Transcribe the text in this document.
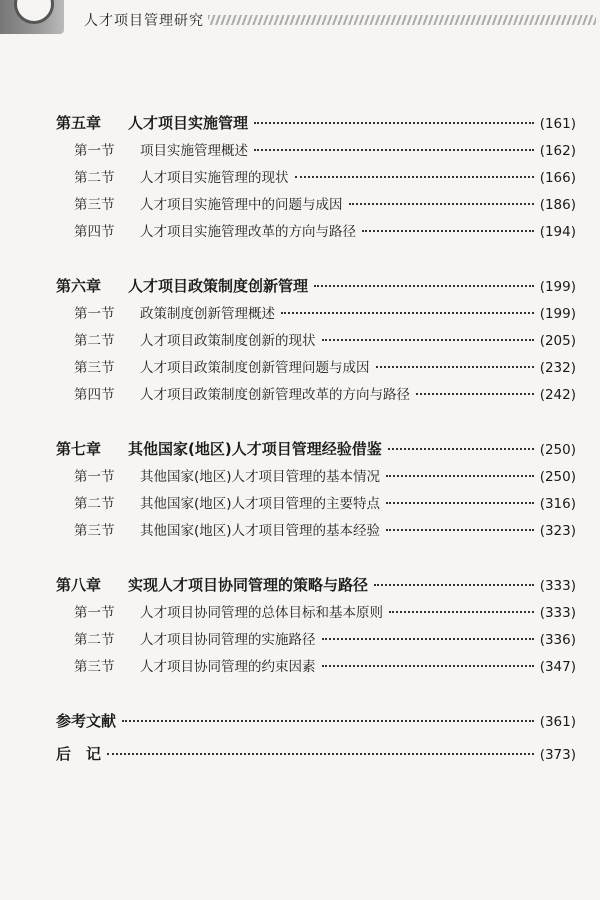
人才项目管理研究
第五章	人才项目实施管理	(161)
第一节	项目实施管理概述	(162)
第二节	人才项目实施管理的现状	(166)
第三节	人才项目实施管理中的问题与成因	(186)
第四节	人才项目实施管理改革的方向与路径	(194)
第六章	人才项目政策制度创新管理	(199)
第一节	政策制度创新管理概述	(199)
第二节	人才项目政策制度创新的现状	(205)
第三节	人才项目政策制度创新管理问题与成因	(232)
第四节	人才项目政策制度创新管理改革的方向与路径	(242)
第七章	其他国家(地区)人才项目管理经验借鉴	(250)
第一节	其他国家(地区)人才项目管理的基本情况	(250)
第二节	其他国家(地区)人才项目管理的主要特点	(316)
第三节	其他国家(地区)人才项目管理的基本经验	(323)
第八章	实现人才项目协同管理的策略与路径	(333)
第一节	人才项目协同管理的总体目标和基本原则	(333)
第二节	人才项目协同管理的实施路径	(336)
第三节	人才项目协同管理的约束因素	(347)
参考文献	(361)
后　记	(373)
